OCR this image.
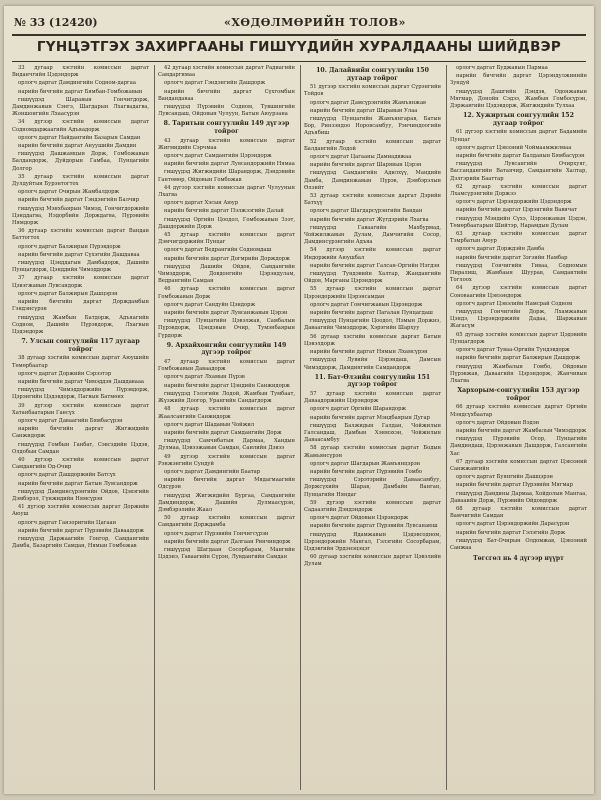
№ 33 (12420)	«ХӨДӨЛМӨРИЙН ТОЛОВ»
ГҮНЦЭТГЭХ ЗАХИРГААНЫ ГИШҮҮДИЙН ХУРАЛДААНЫ ШИЙДВЭР

33 дугаар хэсгийн комиссын даргат Виданчгийн Цэдэндорж

орлогч даргат Дамдингийн Содном-даргаа

нарийн бичгийн даргат Бямбан-Гомбожавын

гишүүдэд Шаравын Гончигдорж, Дамдинжавын Сэнгэ, Шагдарын Лхагвадагва, Жоншонгийн Лхаасүрэн

34 дүгээр хэсгийн комиссын даргат Содномдаржаагийн Адъяадорж

орлогч даргат Найдангийн Базарын Самдан

нарийн бичгийн даргат Ануушийн Дамдин

гишүүдэд Дашжамцын Дорж, Гомбожавын Балдандорж, Дуйдорын Гамбаа, Пунцагийн Долгор

35 дугаар хэсгийн комиссын даргат Дулдуйтын Бурэнтогтох

орлогч даргат Очирын Жамбалдорж

нарийн бичгийн даргат Гэндэнгийн Балчир

гишүүдэд Мэнхбаярын Чимэд, Гончигдоржийн Цэнддагва, Нэдорбийн Дорждагва, Пүрэвийн Нямдорж

36 дугаар хэсгийн комиссын даргат Вандан Баттогтох

орлогч даргат Балжирын Пүрэвдорж

нарийн бичгийн даргат Сүхэгийн Дашдаваа

гишүүдэд Цэнддагын Дамбадорж, Дашийн Пунцагдорж, Цэнддийн Чимэддорж

37 дугаар хэсгийн комиссын даргат Цэвэгжавын Лувсандорж

орлогч даргат Балжирын Дашцэрэн

нарийн бичгийн даргат Дорждамбын Гэндэнсүрэн

гишүүдэд Жамбын Батдорж, Адъяагийн Содном, Дашийн Пүрэвдорж, Лхагвын Цэдэндорж

7. Улсын сонгуулийн 117 дугаар тойрог

38 дугаар хэсгийн комиссын даргат Аюушийн Төмөрбаатар

орлогч даргат Доржийн Сэрээтэр

нарийн бичгийн даргат Чимэддэн Дашдавааа

гишүүдэд Чимэддоржийн Пүрэвдорж, Цэрэнгийн Цэдэвдорж, Пагвын Батмөнх

39 дүгээр хэсгийн комиссын даргат Хатанбаатарын Гансүх

орлогч даргат Даваагийн Бямбасүрэн

нарийн бичгийн даргат Жигжидийн Санжидорж

гишүүдэд Гомбын Ганбат, Сэвсэдийн Цэдэв, Олдобын Самдан

40 дүгээр хэсгийн комиссын даргат Самдангийн Од-Очир

орлогч даргат Дашдоржийн Батсүх

нарийн бичгийн даргат Батын Лувсандорж

гишүүдэд Дамдинсүрэнгийн Ойдов, Цэвэгийн Дэмбэрэл, Гүнжидийн Нямсүрэн

41 дүгээр хэсгийн комиссын даргат Доржийн Аюуш

орлогч даргат Ганзоригийн Цагаан

нарийн бичгийн даргат Пүрэвийн Даваадорж

гишүүдэд Даржаагийн Гонгор, Самдангийн Дамба, Базаргийн Самдан, Нямын Гомбожав

42 дугаар хэсгийн комиссын даргат Радиагийн Самдаргимаа

орлогч даргат Гэндэнгийн Дашдорж

нарийн бичгийн даргат Сүхгомбын Вандандаваа

гишүүдэд Пүрэвийн Содном, Тувшингийн Лувсандаш, Ойдовын Чулуун, Батын Аюурзана

8. Таритын сонгуулийн 149 дүгээр тойрог

43 дугаар хэсгийн комиссын даргат Жигмидийн Сэрчмаа

орлогч даргат Самдангийн Цэрэндорж

нарийн бичгийн даргат Лувсандоржийн Нямаа

гишүүдэд Жигжидийн Шаравдорж, Дэндэвийн Гантөмөр, Ойдовын Гомбожав

44 дүгээр хэсгийн комиссын даргат Чулуунын Лхагва

орлогч даргат Хэсын Аюур

нарийн бичгийн даргат Пэлжээгийн Далай

гишүүдэд Оргийн Цоодол, Гомбожавын Зээт, Дашдоржийн Дорж

45 дугаар хэсгийн комиссын даргат Дэмчигдоржийн Пунцаг

орлогч даргат Ведрангийн Содномдаш

нарийн бичгийн даргат Догмрийн Дорждорж

гишүүдэд Дашийн Ойдов, Самдангийн Чимэддорж, Довдонгийн Цэрэндулам, Ведрангийн Самдан

46 дугаар хэсгийн комиссын даргат Гомбожавын Дорж

орлогч даргат Сандуйн Цэндорж

нарийн бичгийн даргат Лувсанжавын Цэрэн

гишүүдэд Пунцагийн Цэвэлжав, Самбалын Пүрэвдорж, Цэндэвын Очир, Тумэнбаярын Гүрдорж

9. Архайхонгийн сонгуулийн 149 дүгээр тойрог

47 дугаар хэсгийн комиссын даргат Гомбожавын Даваадорж

орлогч даргат Лхамын Пүрэв

нарийн бичгийн даргат Цэндийн Санжидорж

гишүүдэд Гэлэгийн Лодой, Жамбын Тумбаат, Жүзжийн Доогор, Урангийн Сандагдорж

48 дугаар хэсгийн комиссын даргат Жаалсангийн Санжидорж

орлогч даргат Шадавын Чойжил

нарийн бичгийн даргат Самдангийн Дорж

гишүүдэд Самчибатын Дармаа, Хандын Дулмаа, Цэвээжавын Самдан, Санлийн Дэвээ

49 дүгээр хэсгийн комиссын даргат Рэнжэнгийн Сундуй

орлогч даргат Дамдингийн Баатар

нарийн бичгийн даргат Мядагмаагийн Одсүрэн

гишүүдэд Жигжидийн Бургаа, Самдангийн Дамдиндорж, Дашийн Дулмаасүрэн, Дэмбэрэлийн Жаал

50 дугаар хэсгийн комиссын даргат Самдангийн Дорждамба

орлогч даргат Пүрэвийн Гончигсүрэн

нарийн бичгийн даргат Далгаан Ринчиндорж

гишүүдэд Шагдаан Сосорбарам, Мангийн Цэдэнэ, Гаваагийн Сүрэн, Лувдангийн Самдан

10. Далайвийн сонгуулийн 150 дугаар тойрог

51 дүгээр хэсгийн комиссын даргат Сүрэнгийн Тойдов

орлогч даргат Дамсүрэнгийн Жамъянжав

нарийн бичгийн даргат Шаравын Улаа

гишүүдэд Пунцагийн Жамъянгарав, Батын Бор, Ринзэндоо Норовсамбуу, Рэнчиндоогийн Адъябиш

52 дугаар хэсгийн комиссын даргат Балдангийн Лодой

орлогч даргат Цагааны Дамиадвжаа

нарийн бичгийн даргат Шарявын Цэрэн

гишүүдэд Самдангийн Адилхүү, Мандийн Дамба, Дамдинжавын Пүрэв, Дэмбэрэлын Өлзийт

53 дугаар хэсгийн комиссын даргат Дэрийн Батхүү

орлогч даргат Шагдарсүрэнгийн Вандан

нарийн бичгийн даргат Жүгдэрийн Лхагва

гишүүдэд Гаваагийн Махбурмад, Чойжилжавын Дулам, Дамчигийн Сосор, Дамдинсүрэнгийн Адъяа

54 дүгээр хэсгийн комиссын даргат Индоржийн Аюушбал

нарийн бичгийн даргат Галсан-Оргийн Нэгдэн

гишүүдэд Тундэвийн Халтар, Жандангийн Ойдов, Марганы Цэрэндорж

55 дугаар хэсгийн комиссын даргат Цэрэндоржийн Цэрэнсамдан

орлогч даргат Гомчигжавын Цэрэндорж

нарийн бичгийн даргат Пагалан Пунцагдаш

гишүүдэд Пунцагийн Цоодол, Нэмын Доржнэ, Даваагийн Чимэддорж, Хэрэгийн Шархуу

56 дугаар хэсгийн комиссын даргат Батын Цэвэлдорж

нарийн бичгийн даргат Нямын Лхамсүрэн

гишүүдэд Лувийн Цэрэндаш, Дамсын Чимэддорж, Дамдингийн Самдандорж

11. Бат-Өлзийн сонгуулийн 151 дүгээр тойрог

57 дугаар хэсгийн комиссын даргат Даваадоржийн Цэрэндорж

орлогч даргат Оргийн Шарандорж

нарийн бичгийн даргат Мэндбаярын Дугар

гишүүдэд Балжидын Галдан, Чойжилын Галсандаш, Дамбын Хэнмэхэн, Чойжилын Даваасамбуу

58 дугаар хэсгийн комиссын даргат Бодын Жамьянсүрэн

орлогч даргат Шагдарын Жамъянцэрэн

нарийн бичгийн даргат Пүрэвийн Гомбо

гишүүдэд Сэрэтэрийн Даваасамбуу, Доржсүхийн Шарав, Дамбайн Ванган, Пунцагийн Няндаг

59 дүгээр хэсгийн комиссын даргат Садаазгийн Дэндэндорж

орлогч даргат Ойдовын Цэрэндорж

нарийн бичгийн даргат Пүрэвийн Лувсанаюш

гишүүдэд Ядамжавын Цэдэвсодном, Цэрэндоржийн Мангал, Гэлэгийн Сосорбарам, Цэдэвгийн Эрдэнэцэцэг

60 дугаар хэсгийн комиссын даргат Цэвэлийн Дулам

орлогч даргат Буджавын Пармаа

нарийн бичгийн даргат Цэрэндулжинийн Зундуй

гишүүдэд Дашгийн Дэндэв, Одонжавын Мягмар, Донойн Сэдээ, Жамбын Гомбосүрэн, Дэржавгийн Цэдэвдорж, Жигжидийн Тулхаа

12. Хужиртын сонгуулийн 152 дугаар тойрог

61 дүгээр хэсгийн комиссын даргат Бадамийн Пунцаг

орлогч даргат Цэвээний Чоймаамжилмаа

нарийн бичгийн даргат Балданын Бямбасүрэн

гишүүдэд Лувсангийн Очирхуяг, Вассандангийн Ватаячир, Самдангийн Халтар, Дэлгэрийн Бааттар

62 дугаар хэсгийн комиссын даргат Лхамсүрэнгийн Доржээ

орлогч даргат Цэрэндоржийн Цэдэндорж

нарийн бичгийн даргат Цэрэнгийн Вавичат

гишүүдэд Мэндийн Сүхэ, Цэрэнжавын Цэдэн, Төмөрбаатарын Шийтэр, Нарамдын Дулам

63 дугаар хэсгийн комиссын даргат Тэмрбатын Аюур

орлогч даргат Дорждэйн Дамба

нарийн бичгийн даргат Зэгзийн Намбар

гишүүдэд Гончигийн Гиваа, Содномын Пиралиш, Жамбаын Шуурав, Самдантийн Тоглоох

64 дүгээр хэсгийн комиссын даргат Соноваагийн Цэвээндорж

орлогч даргат Цэвэлийн Намсрай Содном

гишүүдэд Гончигийн Дорж, Лхамжавын Цэндэ, Цэрэндоржийн Дадаа, Шаржавын Жагасүм

65 дугаар хэсгийн комиссын даргат Цэдэвийн Пунцагдорж

орлогч даргат Туваа-Оргийн Тундэвдорж

нарийн бичгийн даргат Балжирын Дашдорж

гишүүдэд Жамбалын Гомбо, Ойдовын Пүрэвжав, Даваагийн Цэрэндорж, Жанчивын Лхагва

Хархорым-сонгуулийн 153 дүгээр тойрог

66 дугаар хэсгийн комиссын даргат Оргийн Мэндсүхбаатар

орлогч даргат Ойдовын Вэдэн

нарийн бичгийн даргат Жамбалын Чимэддорж

гишүүдэд Пүрэвийн Осор, Пунцагийн Дамдиндаш, Цэрэнжавын Дашдорж, Галсангийн Хас

67 дугаар хэсгийн комиссын даргат Цэвээний Санжжавгийн

орлогч даргат Буянгийн Дашцэрэн

нарийн бичгийн даргат Пүрэвийн Мягмар

гишүүдэд Дамдины Дармаа, Хойдолын Мангаа, Давааийн Дорж, Пүрэвийн Ойдовдорж

68 дугаар хэсгийн комиссын даргат Вамчигийн Самдан

орлогч даргат Цэрэндоржийн Дарасүрэн

нарийн бичгийн даргат Гэлэгийн Дорж

гишүүдэд Бат-Очирын Олдомжав, Цэвээний Санжаа

Төгсгөл нь 4 дүгээр нүүрт
